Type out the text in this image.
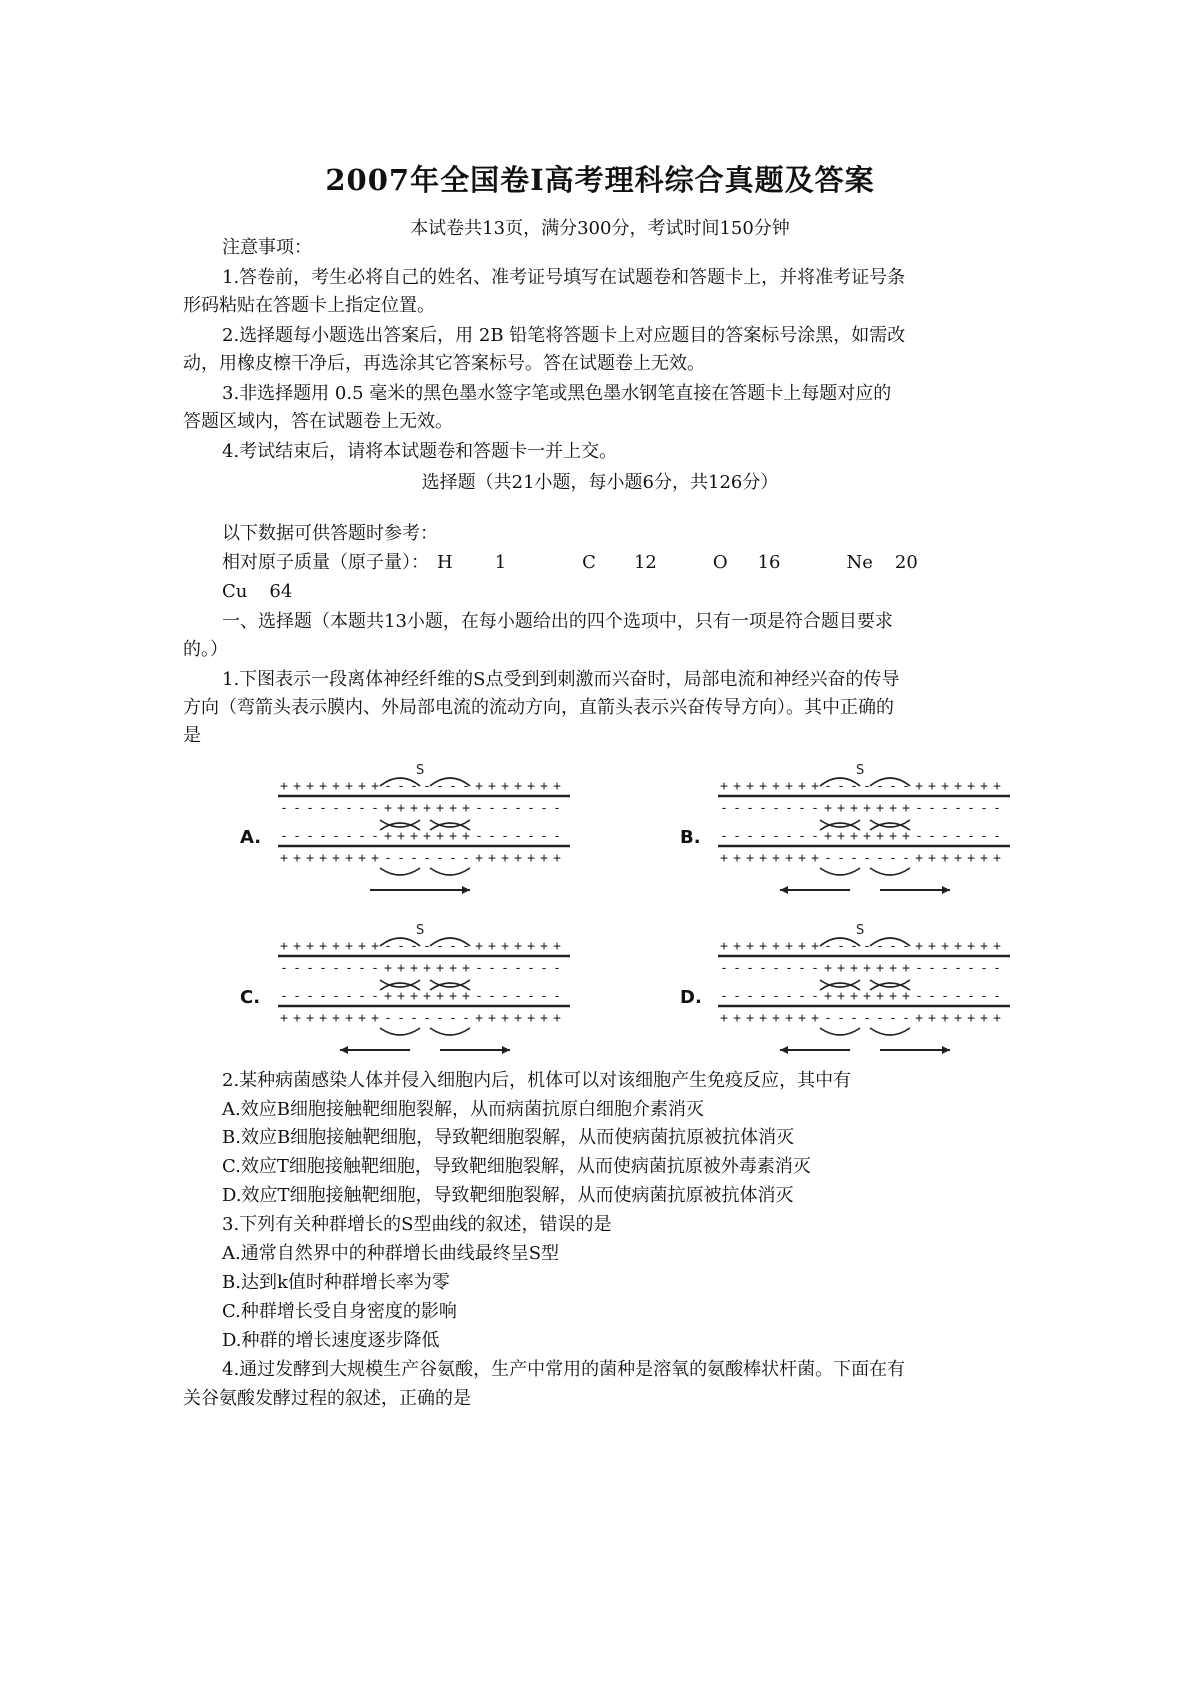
2007年全国卷I高考理科综合真题及答案
本试卷共13页，满分300分，考试时间150分钟
注意事项：
1.答卷前，考生必将自己的姓名、准考证号填写在试题卷和答题卡上，并将准考证号条
形码粘贴在答题卡上指定位置。
2.选择题每小题选出答案后，用 2B 铅笔将答题卡上对应题目的答案标号涂黑，如需改
动，用橡皮檫干净后，再选涂其它答案标号。答在试题卷上无效。
3.非选择题用 0.5 毫米的黑色墨水签字笔或黑色墨水钢笔直接在答题卡上每题对应的
答题区域内，答在试题卷上无效。
4.考试结束后，请将本试题卷和答题卡一并上交。
选择题（共21小题，每小题6分，共126分）
以下数据可供答题时参考：
相对原子质量（原子量）： H 1	C 12	O 16	Ne 20
Cu 64
一、选择题（本题共13小题，在每小题给出的四个选项中，只有一项是符合题目要求
的。）
1.下图表示一段离体神经纤维的S点受到到刺激而兴奋时，局部电流和神经兴奋的传导
方向（弯箭头表示膜内、外局部电流的流动方向，直箭头表示兴奋传导方向）。其中正确的
是
A.
S
+ + + + + + + + - - - - - - - + + + + + + +
- - - - - - - - + + + + + + + - - - - - - -
- - - - - - - - + + + + + + + - - - - - - -
+ + + + + + + + - - - - - - - + + + + + + +
B.
S
+ + + + + + + + - - - - - - - + + + + + + +
- - - - - - - - + + + + + + + - - - - - - -
- - - - - - - - + + + + + + + - - - - - - -
+ + + + + + + + - - - - - - - + + + + + + +
C.
S
+ + + + + + + + - - - - - - - + + + + + + +
- - - - - - - - + + + + + + + - - - - - - -
- - - - - - - - + + + + + + + - - - - - - -
+ + + + + + + + - - - - - - - + + + + + + +
D.
S
+ + + + + + + + - - - - - - - + + + + + + +
- - - - - - - - + + + + + + + - - - - - - -
- - - - - - - - + + + + + + + - - - - - - -
+ + + + + + + + - - - - - - - + + + + + + +
2.某种病菌感染人体并侵入细胞内后，机体可以对该细胞产生免疫反应，其中有
A.效应B细胞接触靶细胞裂解，从而病菌抗原白细胞介素消灭
B.效应B细胞接触靶细胞，导致靶细胞裂解，从而使病菌抗原被抗体消灭
C.效应T细胞接触靶细胞，导致靶细胞裂解，从而使病菌抗原被外毒素消灭
D.效应T细胞接触靶细胞，导致靶细胞裂解，从而使病菌抗原被抗体消灭
3.下列有关种群增长的S型曲线的叙述，错误的是
A.通常自然界中的种群增长曲线最终呈S型
B.达到k值时种群增长率为零
C.种群增长受自身密度的影响
D.种群的增长速度逐步降低
4.通过发酵到大规模生产谷氨酸，生产中常用的菌种是溶氧的氨酸棒状杆菌。下面在有
关谷氨酸发酵过程的叙述，正确的是
